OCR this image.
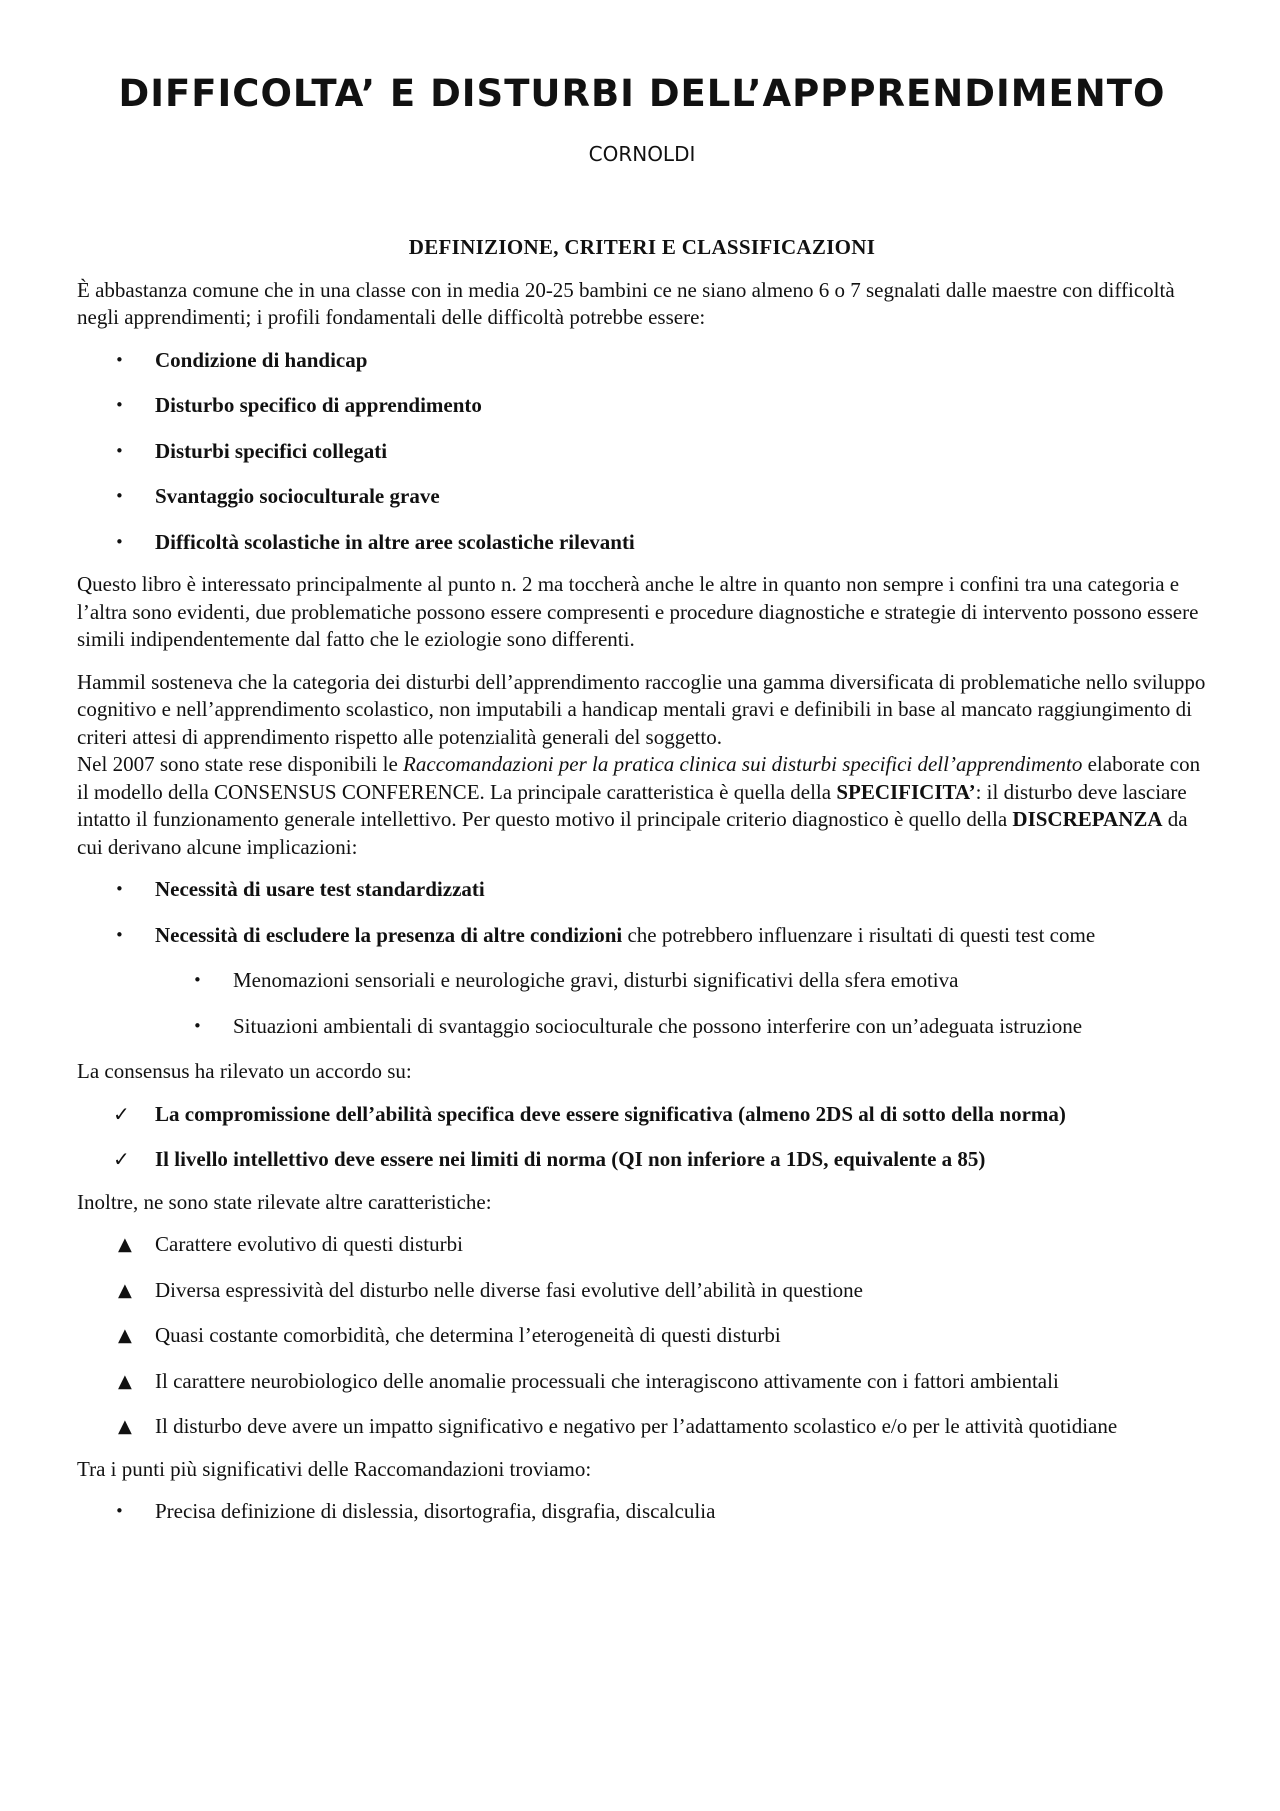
DIFFICOLTA’ E DISTURBI DELL’APPPRENDIMENTO
CORNOLDI
DEFINIZIONE, CRITERI E CLASSIFICAZIONI

È abbastanza comune che in una classe con in media 20-25 bambini ce ne siano almeno 6 o 7 segnalati dalle maestre con difficoltà negli apprendimenti; i profili fondamentali delle difficoltà potrebbe essere:

•	Condizione di handicap
•	Disturbo specifico di apprendimento
•	Disturbi specifici collegati
•	Svantaggio socioculturale grave
•	Difficoltà scolastiche in altre aree scolastiche rilevanti

Questo libro è interessato principalmente al punto n. 2 ma toccherà anche le altre in quanto non sempre i confini tra una categoria e l’altra sono evidenti, due problematiche possono essere compresenti e procedure diagnostiche e strategie di intervento possono essere simili indipendentemente dal fatto che le eziologie sono differenti.

Hammil sosteneva che la categoria dei disturbi dell’apprendimento raccoglie una gamma diversificata di problematiche nello sviluppo cognitivo e nell’apprendimento scolastico, non imputabili a handicap mentali gravi e definibili in base al mancato raggiungimento di criteri attesi di apprendimento rispetto alle potenzialità generali del soggetto.

Nel 2007 sono state rese disponibili le Raccomandazioni per la pratica clinica sui disturbi specifici dell’apprendimento elaborate con il modello della CONSENSUS CONFERENCE. La principale caratteristica è quella della SPECIFICITA’: il disturbo deve lasciare intatto il funzionamento generale intellettivo. Per questo motivo il principale criterio diagnostico è quello della DISCREPANZA da cui derivano alcune implicazioni:

•	Necessità di usare test standardizzati
•	Necessità di escludere la presenza di altre condizioni che potrebbero influenzare i risultati di questi test come
•	Menomazioni sensoriali e neurologiche gravi, disturbi significativi della sfera emotiva
•	Situazioni ambientali di svantaggio socioculturale che possono interferire con un’adeguata istruzione

La consensus ha rilevato un accordo su:

✓	La compromissione dell’abilità specifica deve essere significativa (almeno 2DS al di sotto della norma)
✓	Il livello intellettivo deve essere nei limiti di norma (QI non inferiore a 1DS, equivalente a 85)

Inoltre, ne sono state rilevate altre caratteristiche:

▲	Carattere evolutivo di questi disturbi
▲	Diversa espressività del disturbo nelle diverse fasi evolutive dell’abilità in questione
▲	Quasi costante comorbidità, che determina l’eterogeneità di questi disturbi
▲	Il carattere neurobiologico delle anomalie processuali che interagiscono attivamente con i fattori ambientali
▲	Il disturbo deve avere un impatto significativo e negativo per l’adattamento scolastico e/o per le attività quotidiane

Tra i punti più significativi delle Raccomandazioni troviamo:

•	Precisa definizione di dislessia, disortografia, disgrafia, discalculia
